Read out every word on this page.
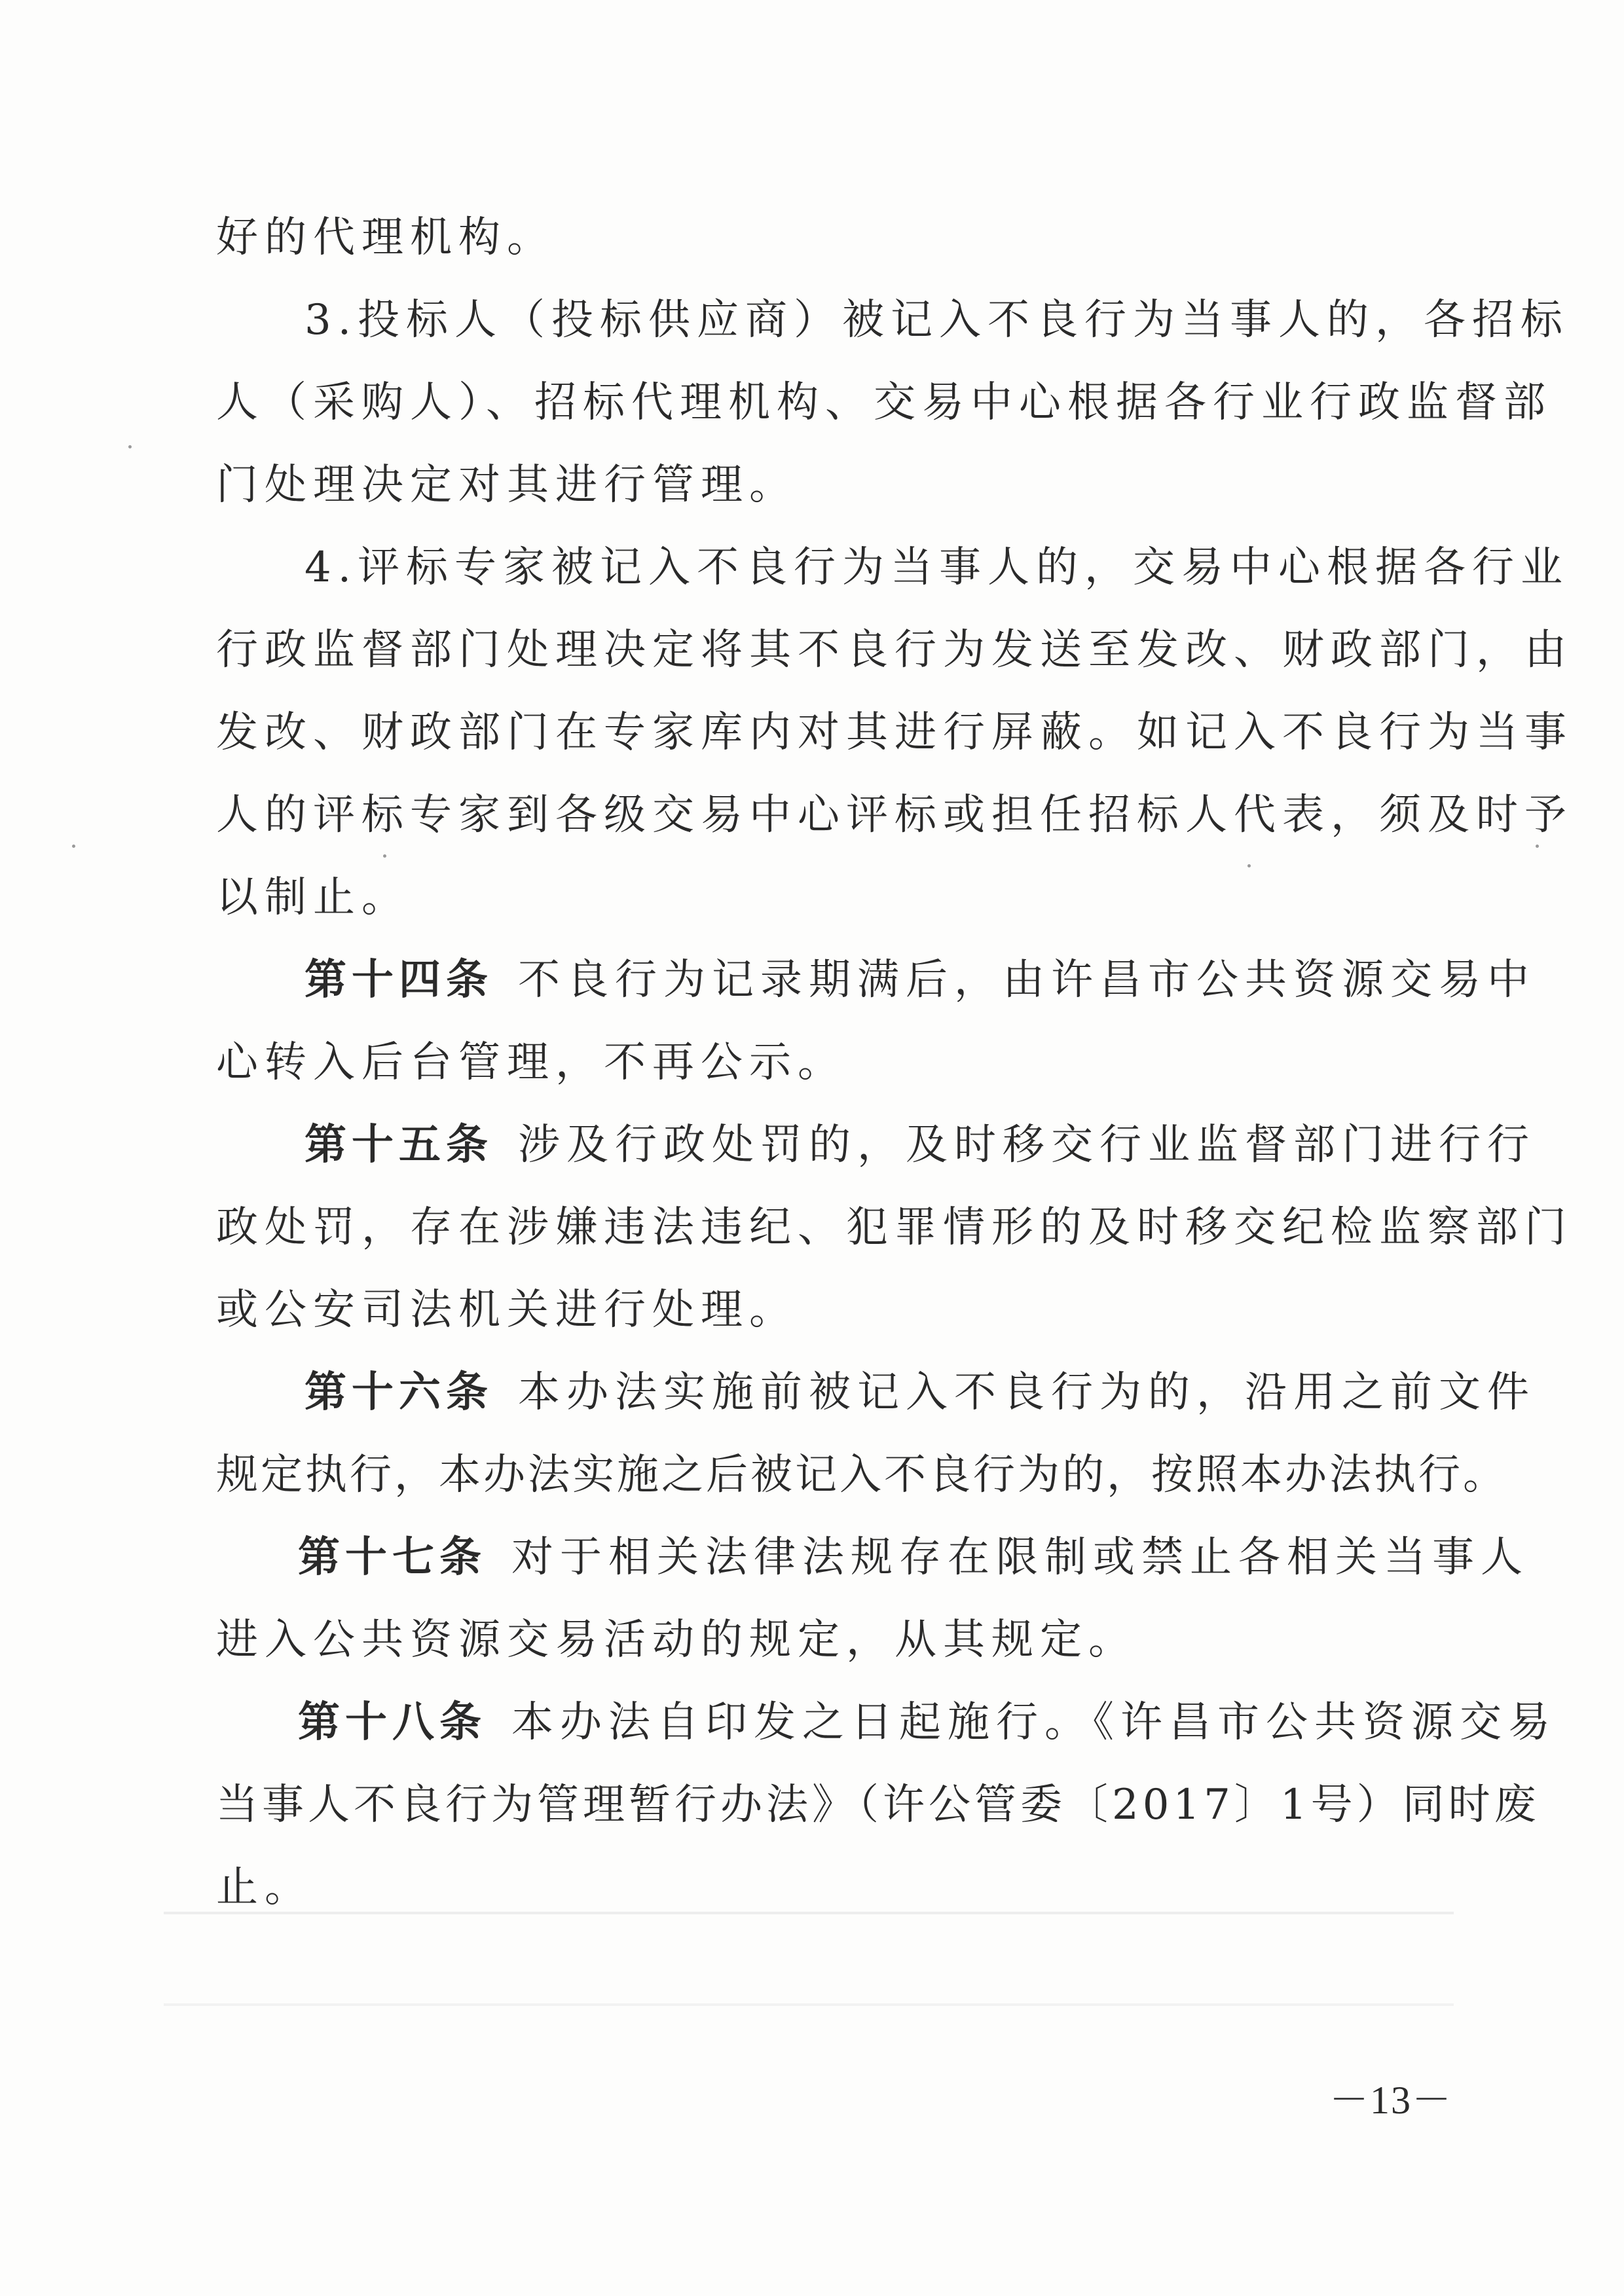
好的代理机构。
3.投标人（投标供应商）被记入不良行为当事人的，各招标
人（采购人）、招标代理机构、交易中心根据各行业行政监督部
门处理决定对其进行管理。
4.评标专家被记入不良行为当事人的，交易中心根据各行业
行政监督部门处理决定将其不良行为发送至发改、财政部门，由
发改、财政部门在专家库内对其进行屏蔽。如记入不良行为当事
人的评标专家到各级交易中心评标或担任招标人代表，须及时予
以制止。
第十四条 不良行为记录期满后，由许昌市公共资源交易中
心转入后台管理，不再公示。
第十五条 涉及行政处罚的，及时移交行业监督部门进行行
政处罚，存在涉嫌违法违纪、犯罪情形的及时移交纪检监察部门
或公安司法机关进行处理。
第十六条 本办法实施前被记入不良行为的，沿用之前文件
规定执行，本办法实施之后被记入不良行为的，按照本办法执行。
第十七条 对于相关法律法规存在限制或禁止各相关当事人
进入公共资源交易活动的规定，从其规定。
第十八条 本办法自印发之日起施行。《许昌市公共资源交易
当事人不良行为管理暂行办法》（许公管委〔2017〕1号）同时废
止。
－13－
